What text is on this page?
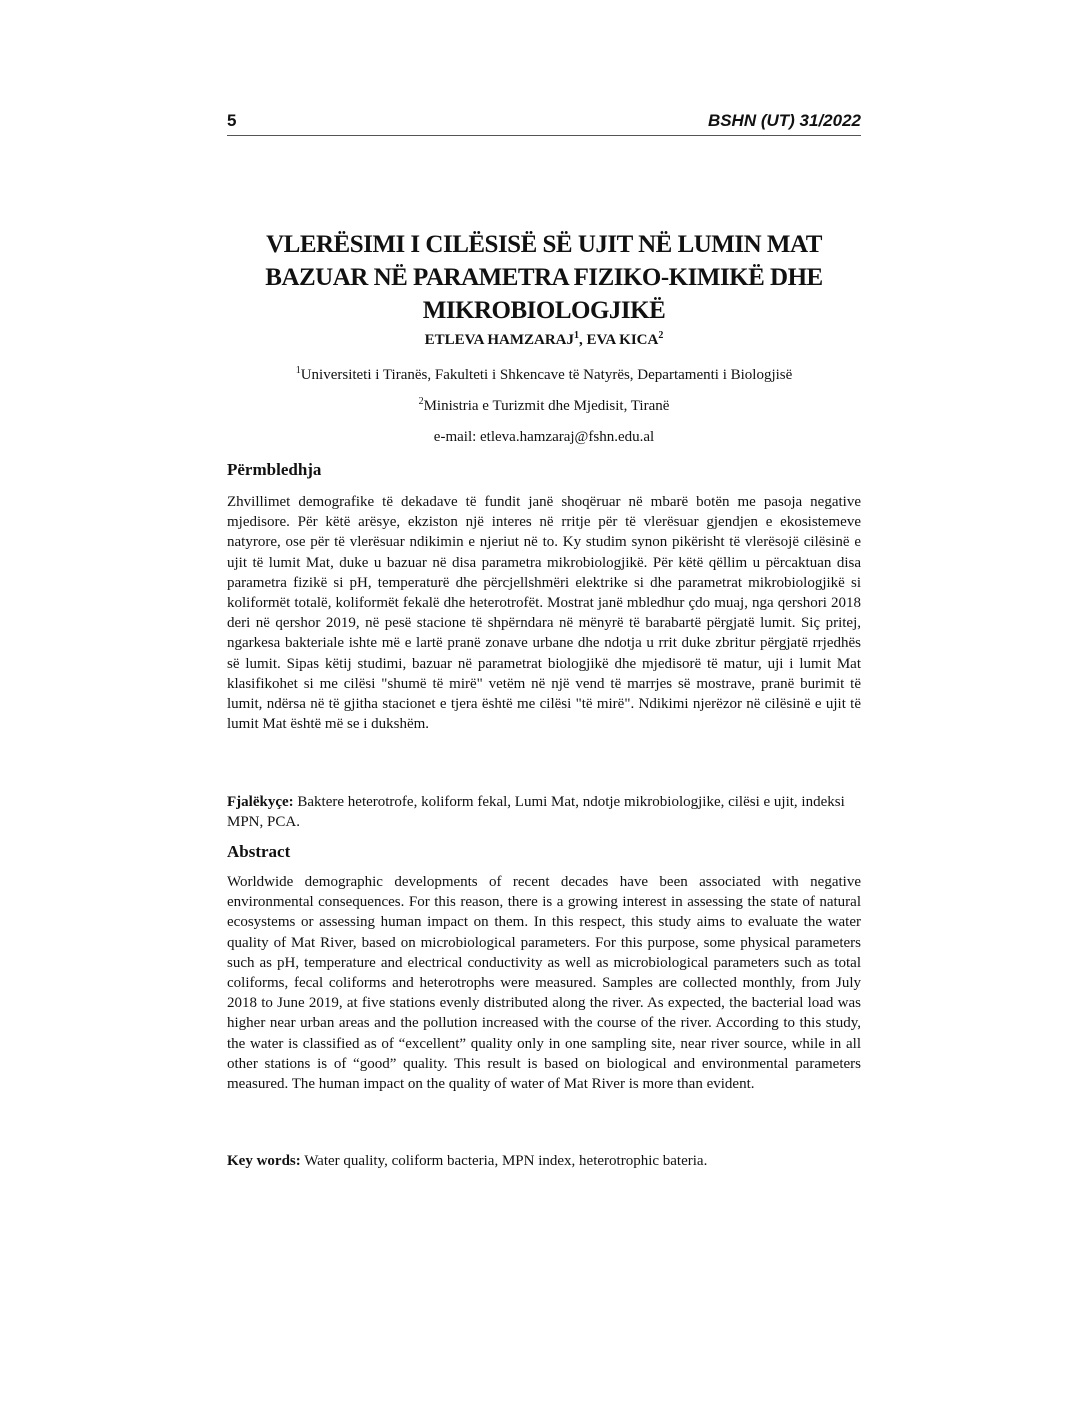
5	BSHN (UT) 31/2022
VLERËSIMI I CILËSISË SË UJIT NË LUMIN MAT
BAZUAR NË PARAMETRA FIZIKO-KIMIKË DHE
MIKROBIOLOGJIKË
ETLEVA HAMZARAJ$^1$, EVA KICA$^2$
$^1$Universiteti i Tiranës, Fakulteti i Shkencave të Natyrës, Departamenti i Biologjisë
$^2$Ministria e Turizmit dhe Mjedisit, Tiranë
e-mail: etleva.hamzaraj@fshn.edu.al
Përmbledhja

Zhvillimet demografike të dekadave të fundit janë shoqëruar në mbarë botën me pasoja negative mjedisore. Për këtë arësye, ekziston një interes në rritje për të vlerësuar gjendjen e ekosistemeve natyrore, ose për të vlerësuar ndikimin e njeriut në to. Ky studim synon pikërisht të vlerësojë cilësinë e ujit të lumit Mat, duke u bazuar në disa parametra mikrobiologjikë. Për këtë qëllim u përcaktuan disa parametra fizikë si pH, temperaturë dhe përcjellshmëri elektrike si dhe parametrat mikrobiologjikë si koliformët totalë, koliformët fekalë dhe heterotrofët. Mostrat janë mbledhur çdo muaj, nga qershori 2018 deri në qershor 2019, në pesë stacione të shpërndara në mënyrë të barabartë përgjatë lumit. Siç pritej, ngarkesa bakteriale ishte më e lartë pranë zonave urbane dhe ndotja u rrit duke zbritur përgjatë rrjedhës së lumit. Sipas këtij studimi, bazuar në parametrat biologjikë dhe mjedisorë të matur, uji i lumit Mat klasifikohet si me cilësi "shumë të mirë" vetëm në një vend të marrjes së mostrave, pranë burimit të lumit, ndërsa në të gjitha stacionet e tjera është me cilësi "të mirë". Ndikimi njerëzor në cilësinë e ujit të lumit Mat është më se i dukshëm.

Fjalëkyçe: Baktere heterotrofe, koliform fekal, Lumi Mat, ndotje mikrobiologjike, cilësi e ujit, indeksi MPN, PCA.

Abstract

Worldwide demographic developments of recent decades have been associated with negative environmental consequences. For this reason, there is a growing interest in assessing the state of natural ecosystems or assessing human impact on them. In this respect, this study aims to evaluate the water quality of Mat River, based on microbiological parameters. For this purpose, some physical parameters such as pH, temperature and electrical conductivity as well as microbiological parameters such as total coliforms, fecal coliforms and heterotrophs were measured. Samples are collected monthly, from July 2018 to June 2019, at five stations evenly distributed along the river. As expected, the bacterial load was higher near urban areas and the pollution increased with the course of the river. According to this study, the water is classified as of “excellent” quality only in one sampling site, near river source, while in all other stations is of “good” quality. This result is based on biological and environmental parameters measured. The human impact on the quality of water of Mat River is more than evident.

Key words: Water quality, coliform bacteria, MPN index, heterotrophic bateria.
